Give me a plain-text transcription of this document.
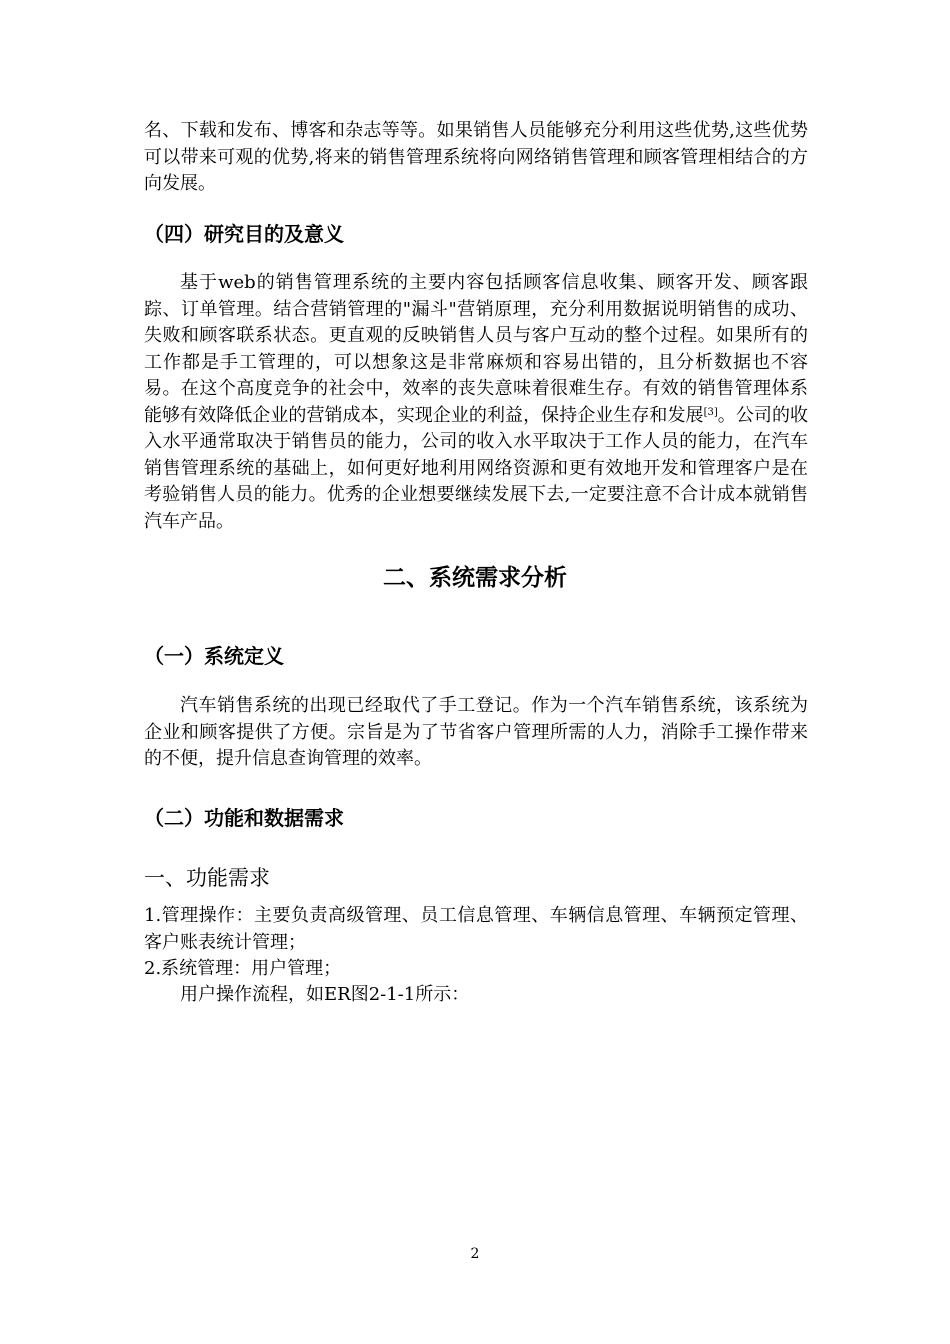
名、下载和发布、博客和杂志等等。如果销售人员能够充分利用这些优势,这些优势可以带来可观的优势,将来的销售管理系统将向网络销售管理和顾客管理相结合的方向发展。

（四）研究目的及意义

基于web的销售管理系统的主要内容包括顾客信息收集、顾客开发、顾客跟踪、订单管理。结合营销管理的"漏斗"营销原理，充分利用数据说明销售的成功、失败和顾客联系状态。更直观的反映销售人员与客户互动的整个过程。如果所有的工作都是手工管理的，可以想象这是非常麻烦和容易出错的，且分析数据也不容易。在这个高度竞争的社会中，效率的丧失意味着很难生存。有效的销售管理体系能够有效降低企业的营销成本，实现企业的利益，保持企业生存和发展[3]。公司的收入水平通常取决于销售员的能力，公司的收入水平取决于工作人员的能力，在汽车销售管理系统的基础上，如何更好地利用网络资源和更有效地开发和管理客户是在考验销售人员的能力。优秀的企业想要继续发展下去,一定要注意不合计成本就销售汽车产品。

二、系统需求分析
（一）系统定义

汽车销售系统的出现已经取代了手工登记。作为一个汽车销售系统，该系统为企业和顾客提供了方便。宗旨是为了节省客户管理所需的人力，消除手工操作带来的不便，提升信息查询管理的效率。

（二）功能和数据需求
一、功能需求

1.管理操作：主要负责高级管理、员工信息管理、车辆信息管理、车辆预定管理、客户账表统计管理；

2.系统管理：用户管理；

用户操作流程，如ER图2-1-1所示：

2
